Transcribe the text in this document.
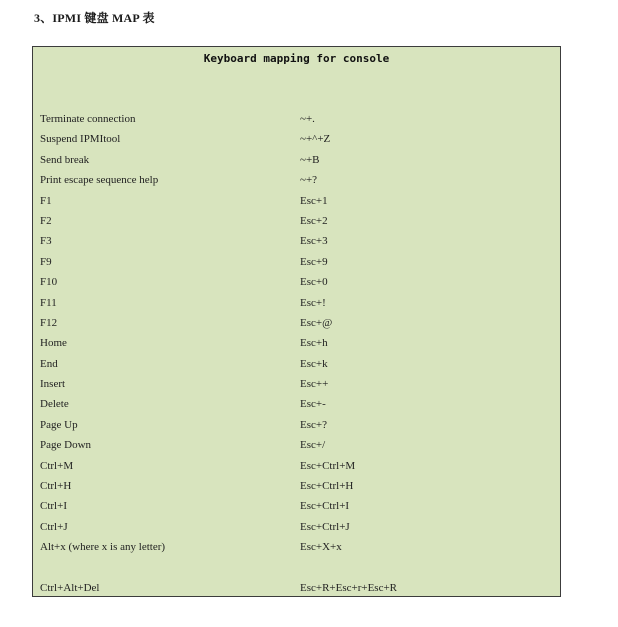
3、IPMI 键盘 MAP 表
Keyboard mapping for console
Terminate connection	~+.
Suspend IPMItool	~+^+Z
Send break	~+B
Print escape sequence help	~+?
F1	Esc+1
F2	Esc+2
F3	Esc+3
F9	Esc+9
F10	Esc+0
F11	Esc+!
F12	Esc+@
Home	Esc+h
End	Esc+k
Insert	Esc++
Delete	Esc+-
Page Up	Esc+?
Page Down	Esc+/
Ctrl+M	Esc+Ctrl+M
Ctrl+H	Esc+Ctrl+H
Ctrl+I	Esc+Ctrl+I
Ctrl+J	Esc+Ctrl+J
Alt+x (where x is any letter)	Esc+X+x
Ctrl+Alt+Del	Esc+R+Esc+r+Esc+R
